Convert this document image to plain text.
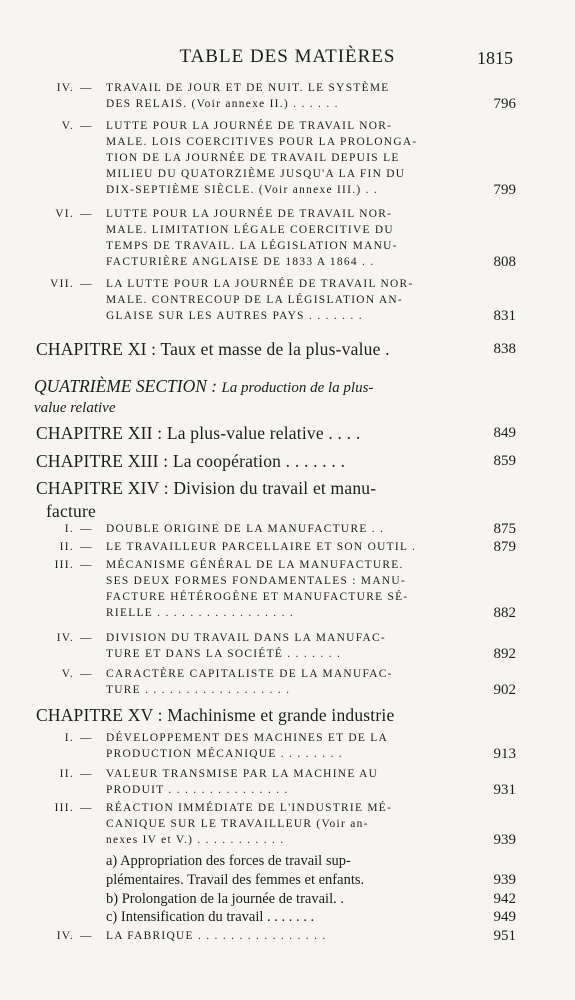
TABLE DES MATIÈRES	1815
IV. — TRAVAIL DE JOUR ET DE NUIT. LE SYSTÈME
DES RELAIS. (Voir annexe II.) . . . . . .	796
V. — LUTTE POUR LA JOURNÉE DE TRAVAIL NOR-
MALE. LOIS COERCITIVES POUR LA PROLONGA-
TION DE LA JOURNÉE DE TRAVAIL DEPUIS LE
MILIEU DU QUATORZIÈME JUSQU'A LA FIN DU
DIX-SEPTIÈME SIÈCLE. (Voir annexe III.) . .	799
VI. — LUTTE POUR LA JOURNÉE DE TRAVAIL NOR-
MALE. LIMITATION LÉGALE COERCITIVE DU
TEMPS DE TRAVAIL. LA LÉGISLATION MANU-
FACTURIÈRE ANGLAISE DE 1833 A 1864 . .	808
VII. — LA LUTTE POUR LA JOURNÉE DE TRAVAIL NOR-
MALE. CONTRECOUP DE LA LÉGISLATION AN-
GLAISE SUR LES AUTRES PAYS . . . . . . .	831
CHAPITRE XI : Taux et masse de la plus-value .	838
QUATRIÈME SECTION : La production de la plus-
value relative
CHAPITRE XII : La plus-value relative . . . .	849
CHAPITRE XIII : La coopération . . . . . . .	859
CHAPITRE XIV : Division du travail et manu-
facture
I. — DOUBLE ORIGINE DE LA MANUFACTURE . .	875
II. — LE TRAVAILLEUR PARCELLAIRE ET SON OUTIL .	879
III. — MÉCANISME GÉNÉRAL DE LA MANUFACTURE.
SES DEUX FORMES FONDAMENTALES : MANU-
FACTURE HÉTÉROGÈNE ET MANUFACTURE SÉ-
RIELLE . . . . . . . . . . . . . . . . .	882
IV. — DIVISION DU TRAVAIL DANS LA MANUFAC-
TURE ET DANS LA SOCIÉTÉ . . . . . . .	892
V. — CARACTÈRE CAPITALISTE DE LA MANUFAC-
TURE . . . . . . . . . . . . . . . . . .	902
CHAPITRE XV : Machinisme et grande industrie
I. — DÉVELOPPEMENT DES MACHINES ET DE LA
PRODUCTION MÉCANIQUE . . . . . . . .	913
II. — VALEUR TRANSMISE PAR LA MACHINE AU
PRODUIT . . . . . . . . . . . . . . .	931
III. — RÉACTION IMMÉDIATE DE L'INDUSTRIE MÉ-
CANIQUE SUR LE TRAVAILLEUR (Voir an-
nexes IV et V.) . . . . . . . . . . .	939
a) Appropriation des forces de travail sup-
plémentaires. Travail des femmes et enfants.	939
b) Prolongation de la journée de travail. .	942
c) Intensification du travail . . . . . . .	949
IV. — LA FABRIQUE . . . . . . . . . . . . . . . .	951
